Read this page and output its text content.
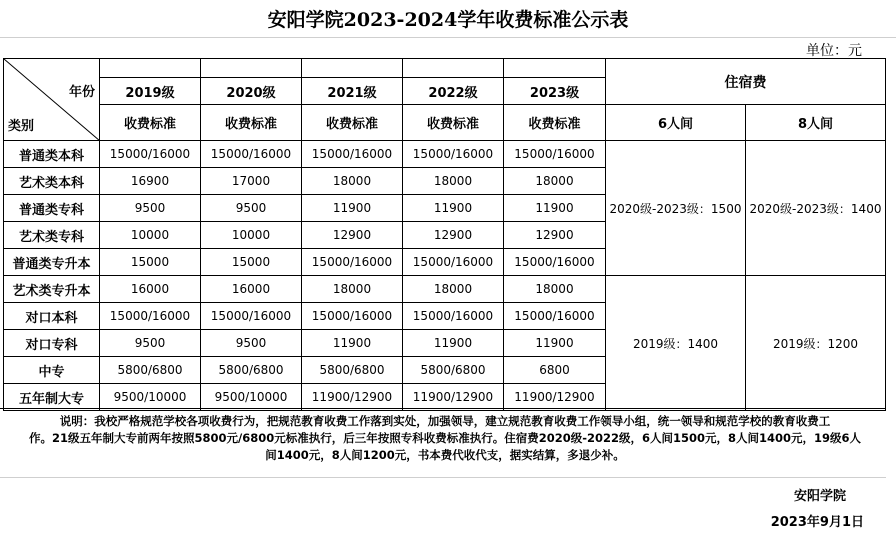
安阳学院2023-2024学年收费标准公示表
单位：元
年份
类别						住宿费	
	2019级	2020级	2021级	2022级	2023级		
	收费标准	收费标准	收费标准	收费标准	收费标准	6人间	8人间
普通类本科	15000/16000	15000/16000	15000/16000	15000/16000	15000/16000	2020级-2023级：1500	2020级-2023级：1400
艺术类本科	16900	17000	18000	18000	18000		
普通类专科	9500	9500	11900	11900	11900		
艺术类专科	10000	10000	12900	12900	12900		
普通类专升本	15000	15000	15000/16000	15000/16000	15000/16000		
艺术类专升本	16000	16000	18000	18000	18000	2019级：1400	2019级：1200
对口本科	15000/16000	15000/16000	15000/16000	15000/16000	15000/16000		
对口专科	9500	9500	11900	11900	11900		
中专	5800/6800	5800/6800	5800/6800	5800/6800	6800		
五年制大专	9500/10000	9500/10000	11900/12900	11900/12900	11900/12900		
说明：我校严格规范学校各项收费行为，把规范教育收费工作落到实处，加强领导，建立规范教育收费工作领导小组，统一领导和规范学校的教育收费工
作。21级五年制大专前两年按照5800元/6800元标准执行，后三年按照专科收费标准执行。住宿费2020级-2022级，6人间1500元，8人间1400元，19级6人
间1400元，8人间1200元，书本费代收代支，据实结算，多退少补。
安阳学院
2023年9月1日
